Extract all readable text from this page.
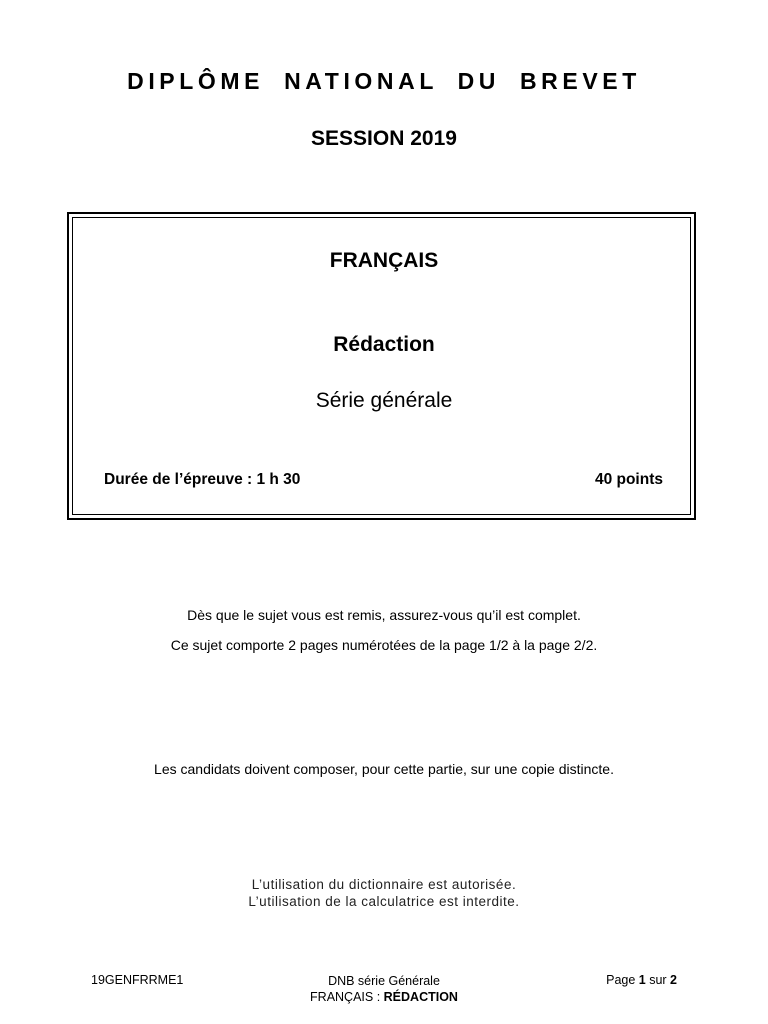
DIPLÔME NATIONAL DU BREVET
SESSION 2019
FRANÇAIS
Rédaction
Série générale
Durée de l’épreuve : 1 h 30	40 points
Dès que le sujet vous est remis, assurez-vous qu’il est complet.
Ce sujet comporte 2 pages numérotées de la page 1/2 à la page 2/2.
Les candidats doivent composer, pour cette partie, sur une copie distincte.
L’utilisation du dictionnaire est autorisée.
L’utilisation de la calculatrice est interdite.
19GENFRRME1	DNB série Générale
FRANÇAIS : RÉDACTION
Page 1 sur 2
